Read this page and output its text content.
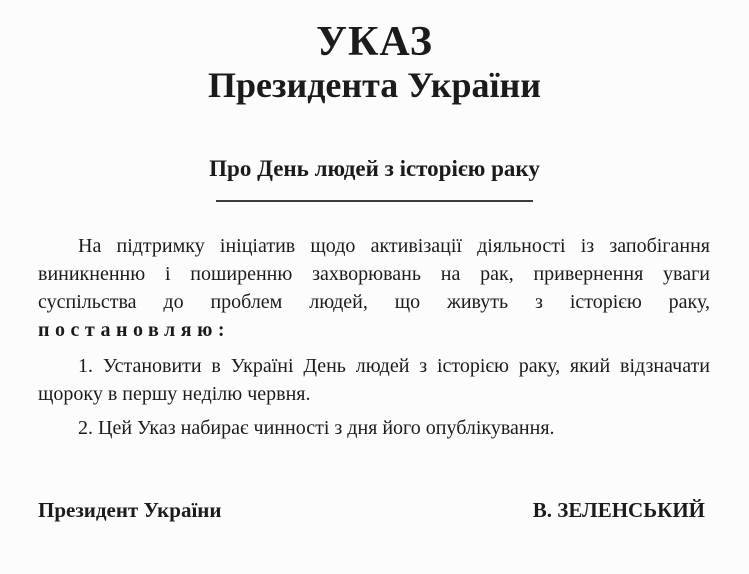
УКАЗ
Президента України
Про День людей з історією раку

На підтримку ініціатив щодо активізації діяльності із запобігання виникненню і поширенню захворювань на рак, привернення уваги суспільства до проблем людей, що живуть з історією раку,

постановляю:

1. Установити в Україні День людей з історією раку, який відзначати щороку в першу неділю червня.

2. Цей Указ набирає чинності з дня його опублікування.

Президент України	В. ЗЕЛЕНСЬКИЙ
